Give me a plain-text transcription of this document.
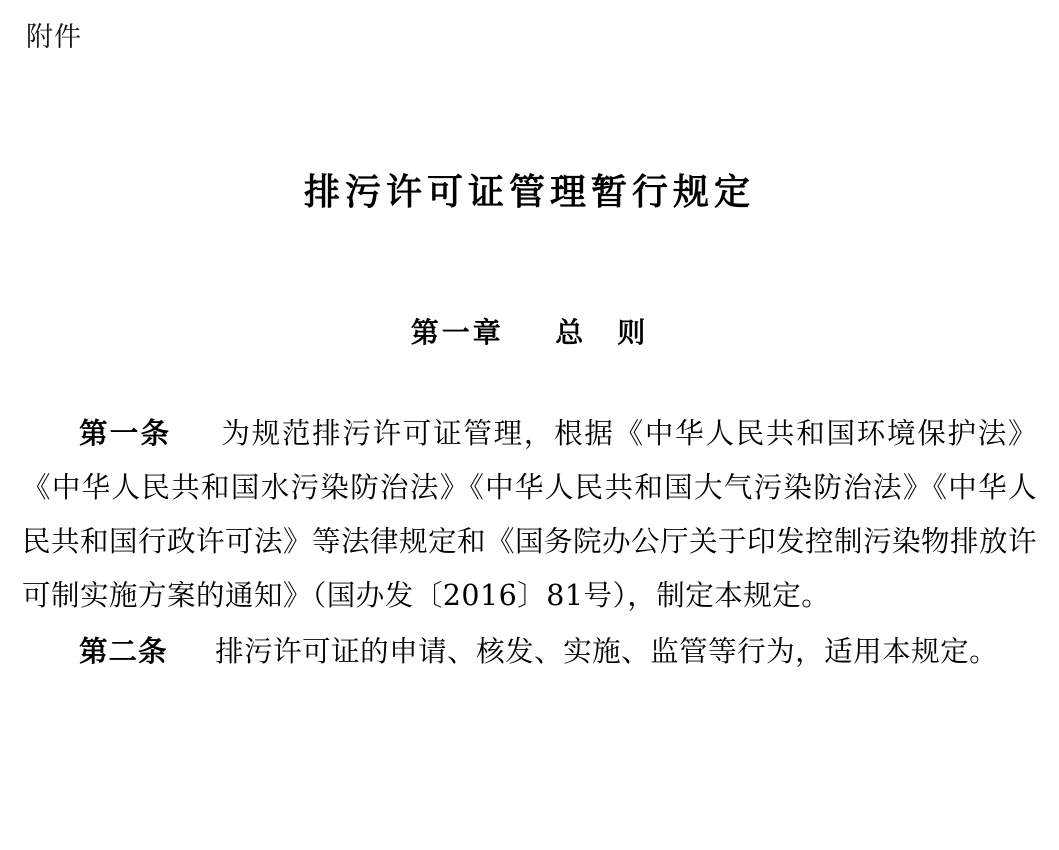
附件
排污许可证管理暂行规定
第一章 总　则

第一条 为规范排污许可证管理，根据《中华人民共和国环境保护法》《中华人民共和国水污染防治法》《中华人民共和国大气污染防治法》《中华人民共和国行政许可法》等法律规定和《国务院办公厅关于印发控制污染物排放许可制实施方案的通知》（国办发〔2016〕81号），制定本规定。

第二条 排污许可证的申请、核发、实施、监管等行为，适用本规定。
